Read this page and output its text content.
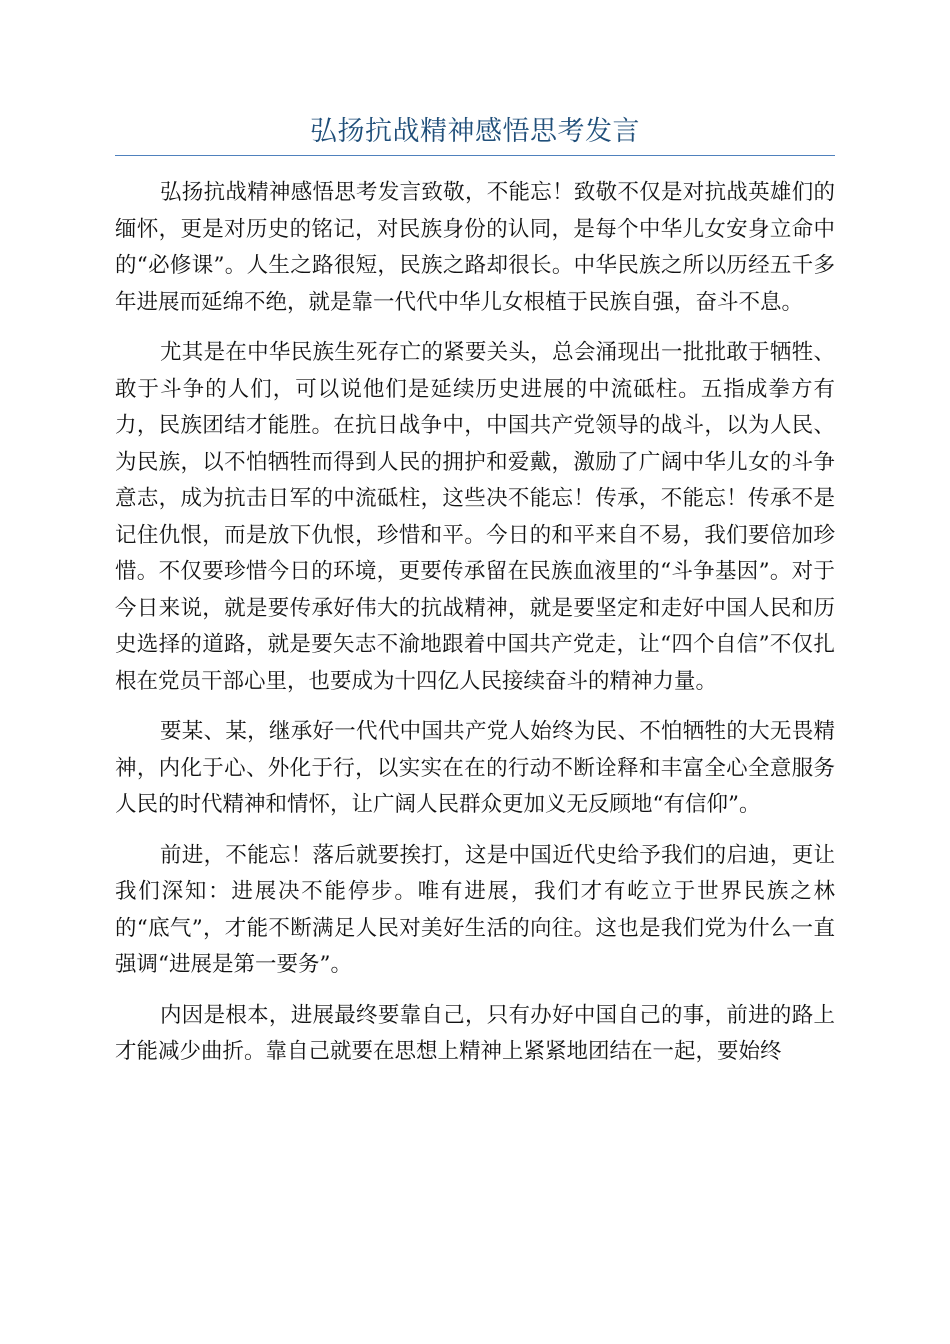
弘扬抗战精神感悟思考发言

弘扬抗战精神感悟思考发言致敬，不能忘！致敬不仅是对抗战英雄们的缅怀，更是对历史的铭记，对民族身份的认同，是每个中华儿女安身立命中的“必修课”。人生之路很短，民族之路却很长。中华民族之所以历经五千多年进展而延绵不绝，就是靠一代代中华儿女根植于民族自强，奋斗不息。

尤其是在中华民族生死存亡的紧要关头，总会涌现出一批批敢于牺牲、敢于斗争的人们，可以说他们是延续历史进展的中流砥柱。五指成拳方有力，民族团结才能胜。在抗日战争中，中国共产党领导的战斗，以为人民、为民族，以不怕牺牲而得到人民的拥护和爱戴，激励了广阔中华儿女的斗争意志，成为抗击日军的中流砥柱，这些决不能忘！传承，不能忘！传承不是记住仇恨，而是放下仇恨，珍惜和平。今日的和平来自不易，我们要倍加珍惜。不仅要珍惜今日的环境，更要传承留在民族血液里的“斗争基因”。对于今日来说，就是要传承好伟大的抗战精神，就是要坚定和走好中国人民和历史选择的道路，就是要矢志不渝地跟着中国共产党走，让“四个自信”不仅扎根在党员干部心里，也要成为十四亿人民接续奋斗的精神力量。

要某、某，继承好一代代中国共产党人始终为民、不怕牺牲的大无畏精神，内化于心、外化于行，以实实在在的行动不断诠释和丰富全心全意服务人民的时代精神和情怀，让广阔人民群众更加义无反顾地“有信仰”。

前进，不能忘！落后就要挨打，这是中国近代史给予我们的启迪，更让我们深知：进展决不能停步。唯有进展，我们才有屹立于世界民族之林的“底气”，才能不断满足人民对美好生活的向往。这也是我们党为什么一直强调“进展是第一要务”。

内因是根本，进展最终要靠自己，只有办好中国自己的事，前进的路上才能减少曲折。靠自己就要在思想上精神上紧紧地团结在一起，要始终
